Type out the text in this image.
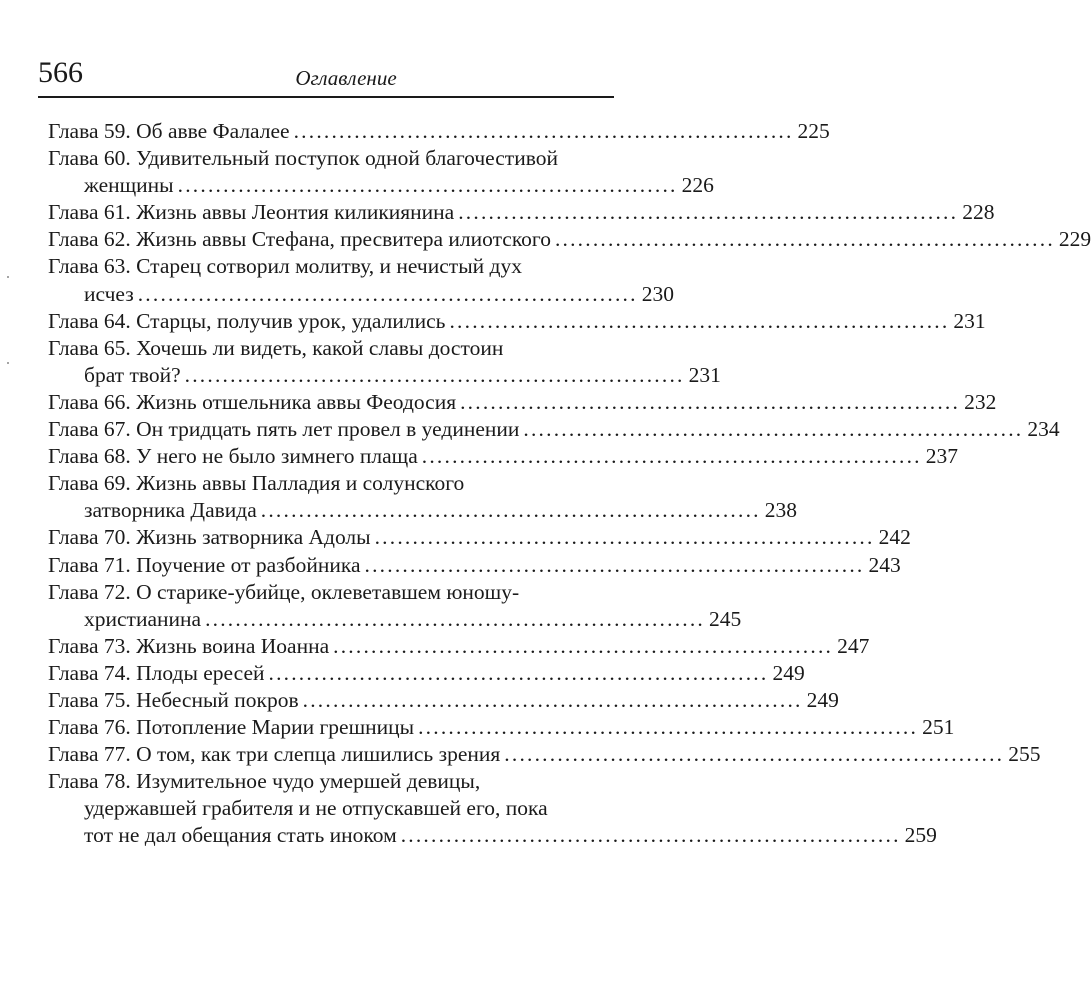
566	Оглавление
Глава 59. Об авве Фалалее .................................................................. 225
Глава 60. Удивительный поступок одной благочестивой
женщины .................................................................. 226
Глава 61. Жизнь аввы Леонтия киликиянина .................................................................. 228
Глава 62. Жизнь аввы Стефана, пресвитера илиотского .................................................................. 229
Глава 63. Старец сотворил молитву, и нечистый дух
исчез .................................................................. 230
Глава 64. Старцы, получив урок, удалились .................................................................. 231
Глава 65. Хочешь ли видеть, какой славы достоин
брат твой? .................................................................. 231
Глава 66. Жизнь отшельника аввы Феодосия .................................................................. 232
Глава 67. Он тридцать пять лет провел в уединении .................................................................. 234
Глава 68. У него не было зимнего плаща .................................................................. 237
Глава 69. Жизнь аввы Палладия и солунского
затворника Давида .................................................................. 238
Глава 70. Жизнь затворника Адолы .................................................................. 242
Глава 71. Поучение от разбойника .................................................................. 243
Глава 72. О старике-убийце, оклеветавшем юношу-
христианина .................................................................. 245
Глава 73. Жизнь воина Иоанна .................................................................. 247
Глава 74. Плоды ересей .................................................................. 249
Глава 75. Небесный покров .................................................................. 249
Глава 76. Потопление Марии грешницы .................................................................. 251
Глава 77. О том, как три слепца лишились зрения .................................................................. 255
Глава 78. Изумительное чудо умершей девицы,
удержавшей грабителя и не отпускавшей его, пока
тот не дал обещания стать иноком .................................................................. 259
